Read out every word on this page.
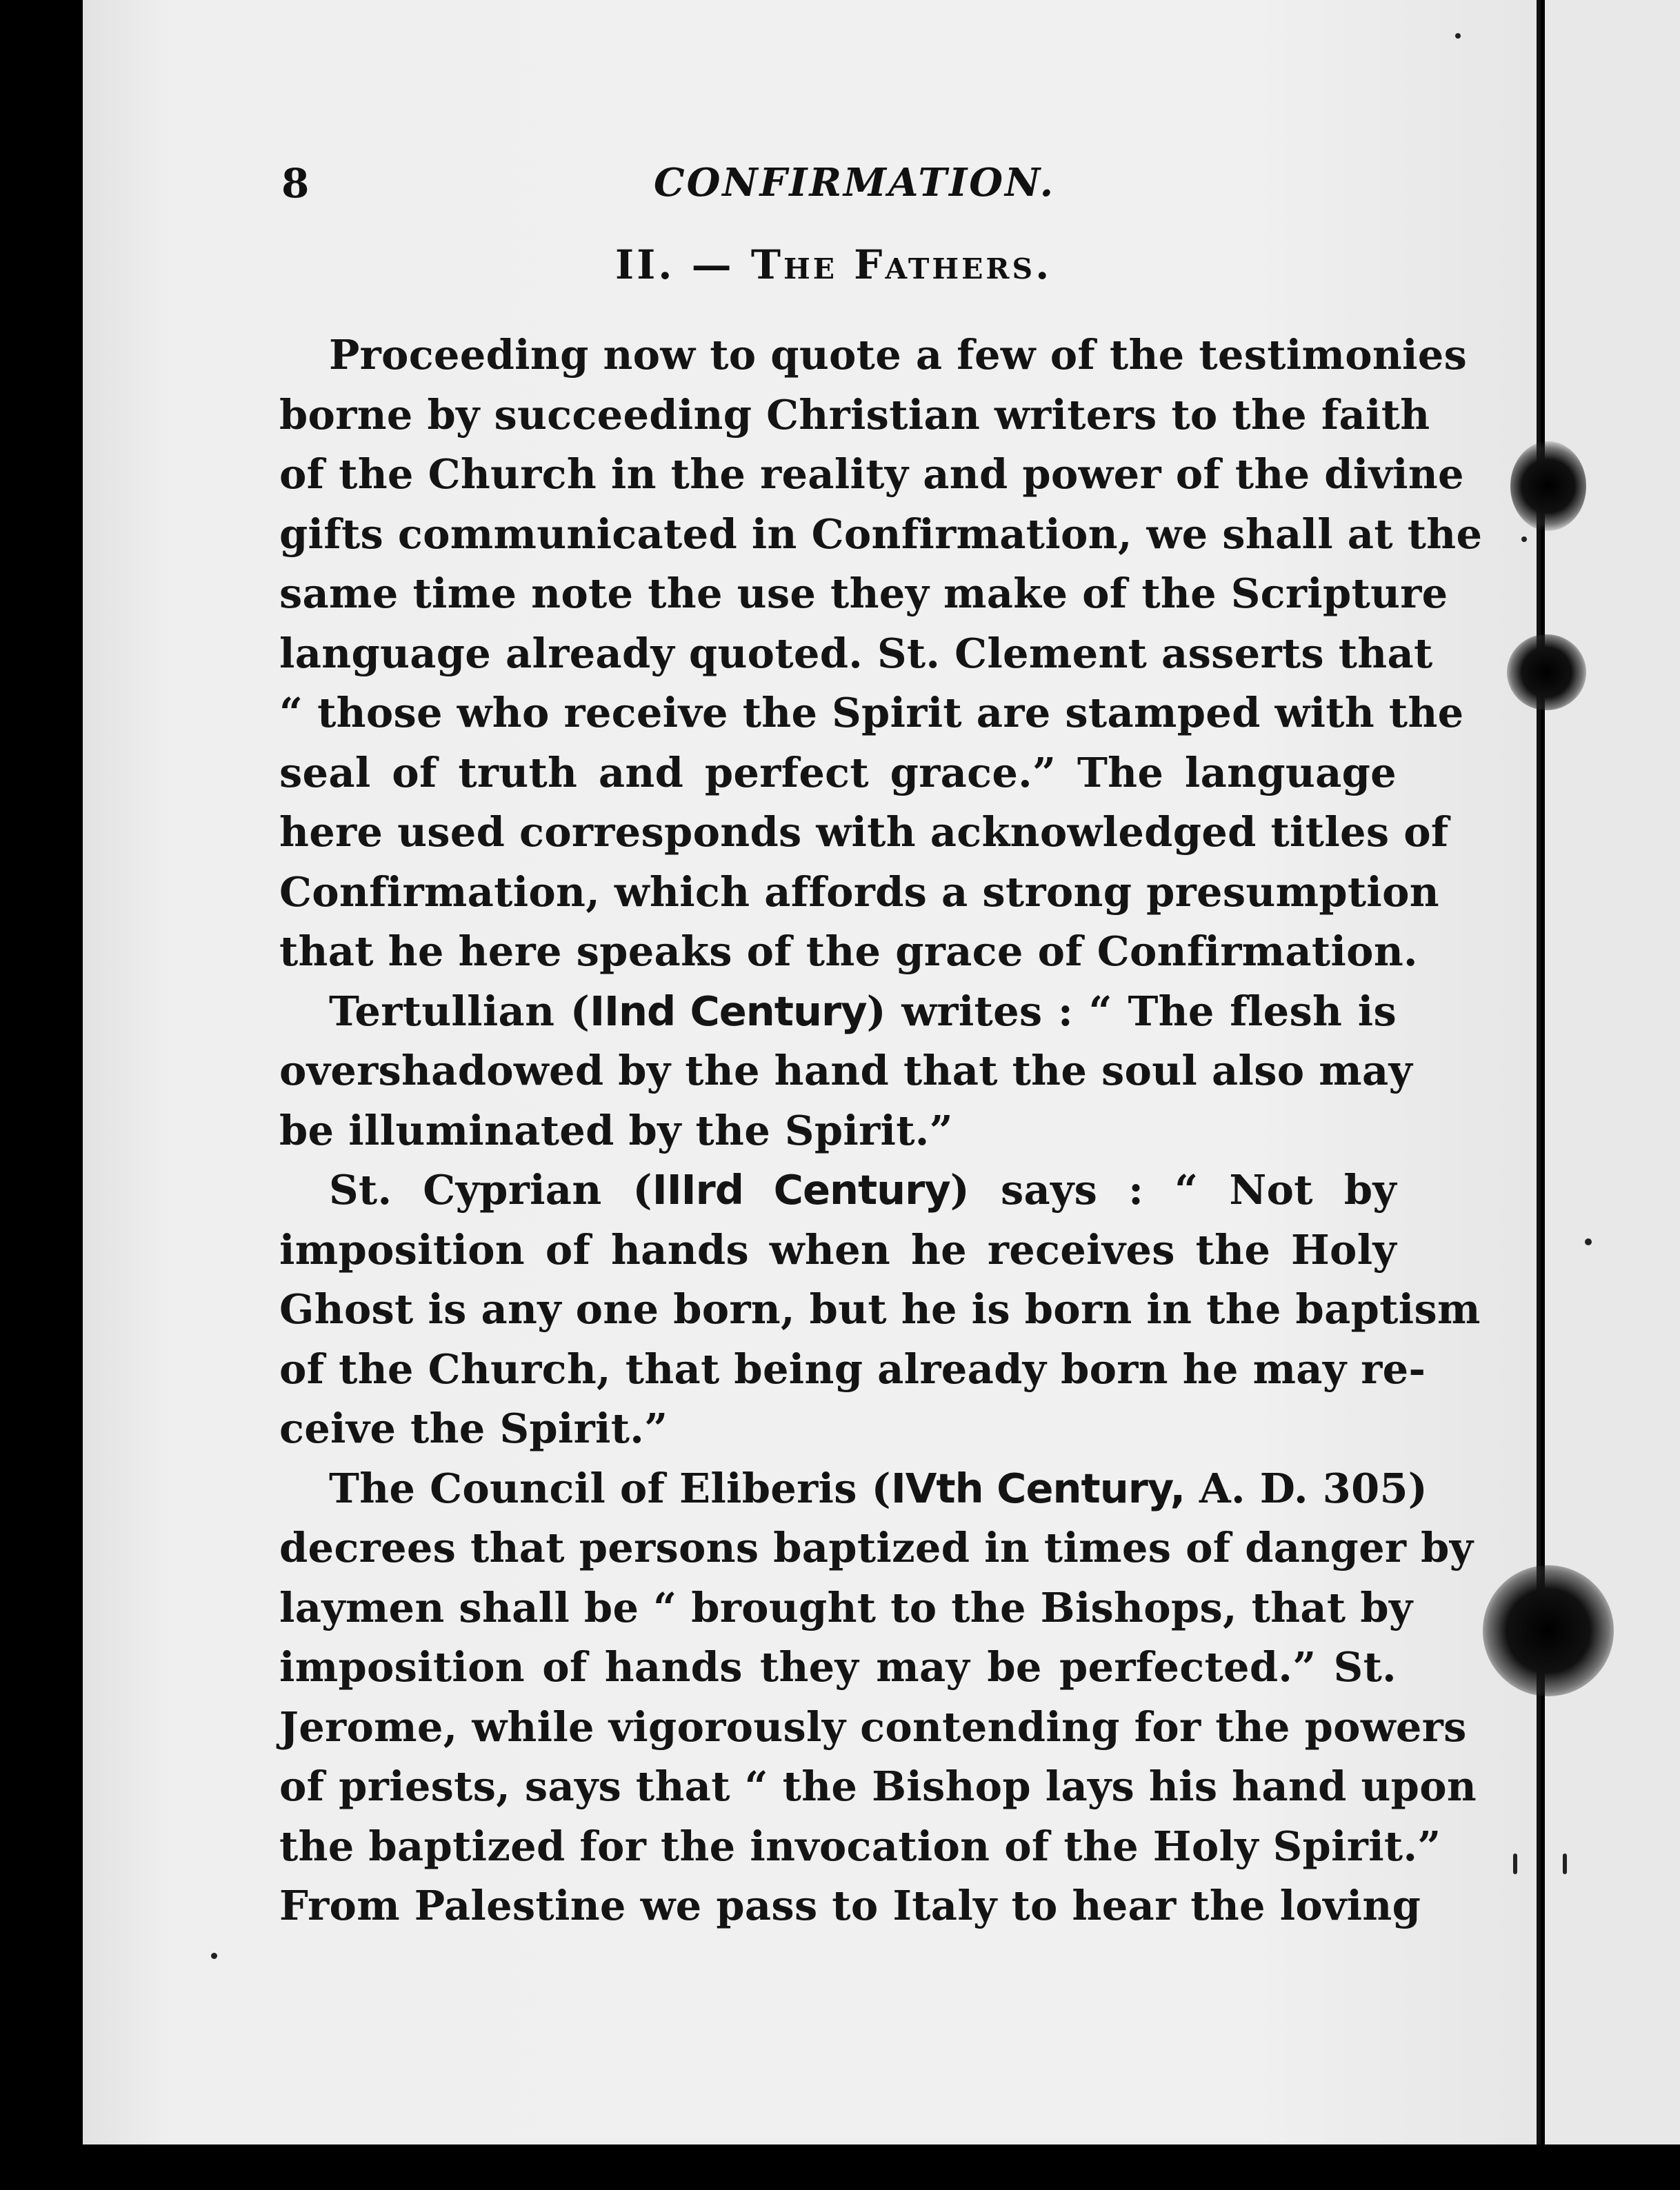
8	CONFIRMATION.
II. — The Fathers.
Proceeding now to quote a few of the testimonies
borne by succeeding Christian writers to the faith
of the Church in the reality and power of the divine
gifts communicated in Confirmation, we shall at the
same time note the use they make of the Scripture
language already quoted. St. Clement asserts that
“ those who receive the Spirit are stamped with the
seal of truth and perfect grace.” The language
here used corresponds with acknowledged titles of
Confirmation, which affords a strong presumption
that he here speaks of the grace of Confirmation.
Tertullian (IInd Century) writes : “ The flesh is
overshadowed by the hand that the soul also may
be illuminated by the Spirit.”
St. Cyprian (IIIrd Century) says : “ Not by
imposition of hands when he receives the Holy
Ghost is any one born, but he is born in the baptism
of the Church, that being already born he may re-
ceive the Spirit.”
The Council of Eliberis (IVth Century, A. D. 305)
decrees that persons baptized in times of danger by
laymen shall be “ brought to the Bishops, that by
imposition of hands they may be perfected.” St.
Jerome, while vigorously contending for the powers
of priests, says that “ the Bishop lays his hand upon
the baptized for the invocation of the Holy Spirit.”
From Palestine we pass to Italy to hear the loving
